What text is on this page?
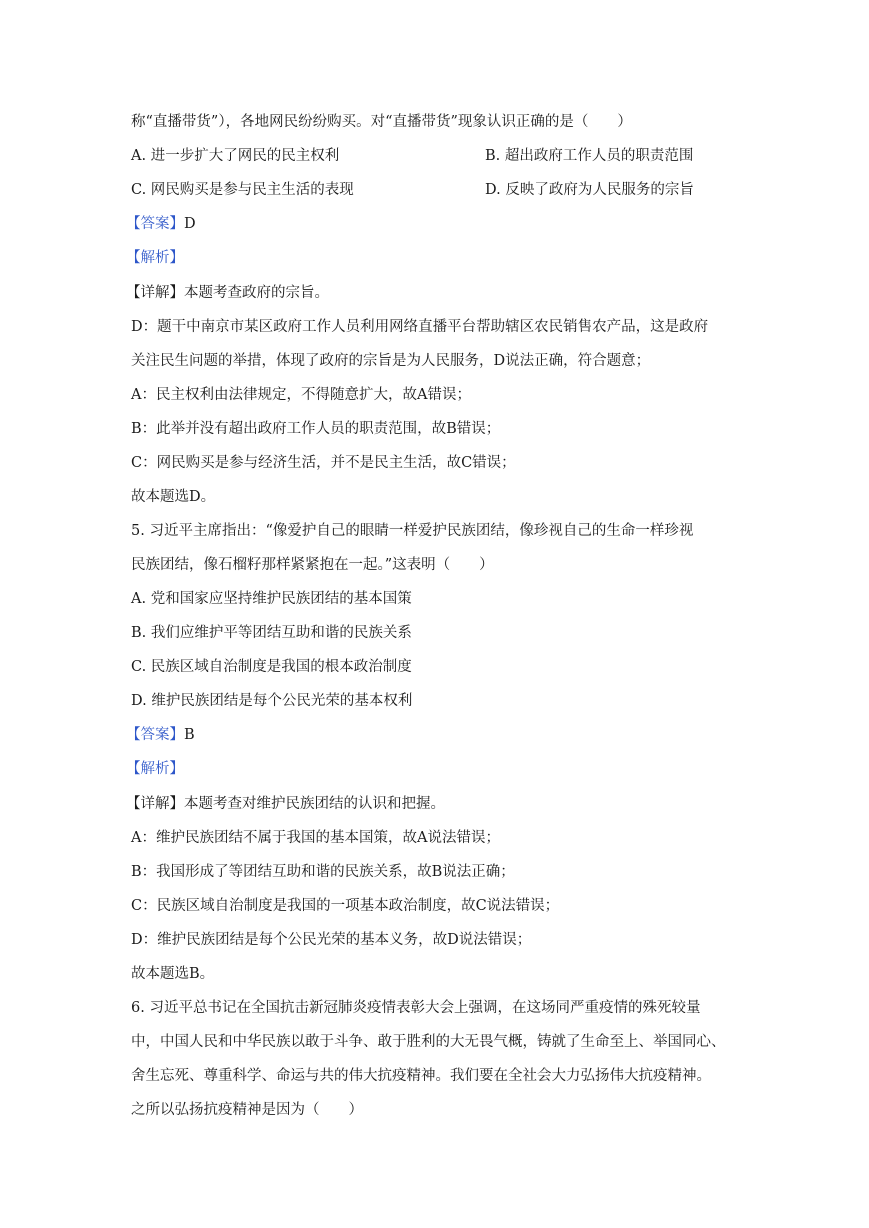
称“直播带货”），各地网民纷纷购买。对“直播带货”现象认识正确的是（　　）
A. 进一步扩大了网民的民主权利	B. 超出政府工作人员的职责范围
C. 网民购买是参与民主生活的表现	D. 反映了政府为人民服务的宗旨
【答案】D
【解析】
【详解】本题考查政府的宗旨。
D：题干中南京市某区政府工作人员利用网络直播平台帮助辖区农民销售农产品，这是政府
关注民生问题的举措，体现了政府的宗旨是为人民服务，D说法正确，符合题意；
A：民主权利由法律规定，不得随意扩大，故A错误；
B：此举并没有超出政府工作人员的职责范围，故B错误；
C：网民购买是参与经济生活，并不是民主生活，故C错误；
故本题选D。
5. 习近平主席指出：“像爱护自己的眼睛一样爱护民族团结，像珍视自己的生命一样珍视
民族团结，像石榴籽那样紧紧抱在一起。”这表明（　　）
A. 党和国家应坚持维护民族团结的基本国策
B. 我们应维护平等团结互助和谐的民族关系
C. 民族区域自治制度是我国的根本政治制度
D. 维护民族团结是每个公民光荣的基本权利
【答案】B
【解析】
【详解】本题考查对维护民族团结的认识和把握。
A：维护民族团结不属于我国的基本国策，故A说法错误；
B：我国形成了等团结互助和谐的民族关系，故B说法正确；
C：民族区域自治制度是我国的一项基本政治制度，故C说法错误；
D：维护民族团结是每个公民光荣的基本义务，故D说法错误；
故本题选B。
6. 习近平总书记在全国抗击新冠肺炎疫情表彰大会上强调，在这场同严重疫情的殊死较量
中，中国人民和中华民族以敢于斗争、敢于胜利的大无畏气概，铸就了生命至上、举国同心、
舍生忘死、尊重科学、命运与共的伟大抗疫精神。我们要在全社会大力弘扬伟大抗疫精神。
之所以弘扬抗疫精神是因为（　　）
